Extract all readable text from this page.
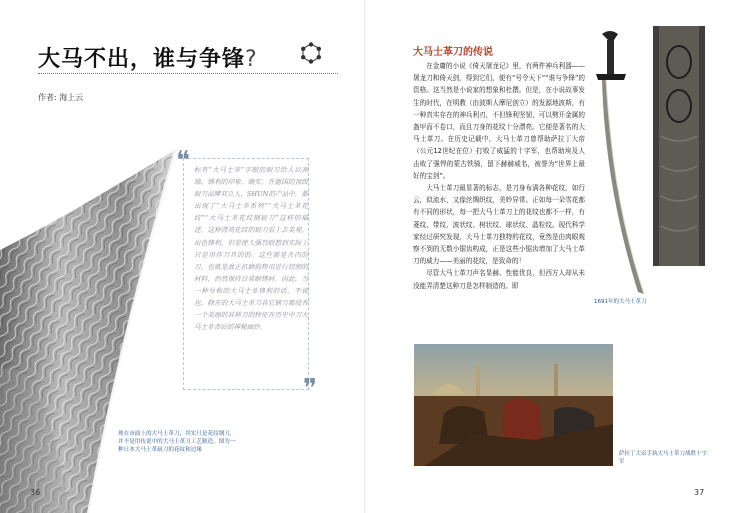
大马不出，谁与争锋?
作者: 海上云
❝ 标有“大马士革”字眼的厨刀给人以高端、锋利的印象。确实，在德国的顶级厨刀品牌双立人，SHUN的产品中，都出现了“大马士革系列”“大马士革花纹”“大马士革花纹钢厨刀”这样的描述。这种漂亮花纹的厨刀看上去美观、出色锋利，但是使人强烈联想到实际上只是用作刀具的的。这些都是在内的刀，也就是真正抗磨损物用进行切割的材料，仍然保持日常耐锈材。因此，当一种号称的大马士革锋利的话，不说也，除在的大马士革刀其它钢刀都没有一个美丽的其种刀的特征在历史中刀大马士革背后的神秘面纱。
❞
现在市面上的大马士革刀，其实只是花纹钢刀，并不是用传说中的大马士革刀工艺制造，图为一种日本大马士革厨刀的花纹和边缘
36
大马士革刀的传说

在金庸的小说《倚天屠龙记》里，有两件神兵利器——屠龙刀和倚天剑，得到它们，便有“号令天下”“谁与争锋”的资格。这当然是小说家的想象和杜撰。但是，在小说故事发生的时代，在明教（由波斯人摩尼创立）的发源地波斯，有一种真实存在的神兵利刃，不但锋利坚韧，可以劈开金属的盔甲而不卷口，而且刀身的花纹十分漂亮。它便是著名的大马士革刀。在历史记载中，大马士革刀曾帮助萨拉丁大帝（公元12世纪在位）打败了威猛的十字军，也帮助埃及人击败了强悍的蒙古铁骑，留下赫赫威名，被誉为“世界上最好的宝剑”。

大马士革刀最显著的标志，是刀身布满各种花纹，如行云，似流水，又像丝绸织纹，美妙异常。正如每一朵雪花都有不同的形状，每一把大马士革刀上的花纹也都不一样，有菱纹、带纹、波状纹、树状纹、球状纹、晶粒纹。现代科学家经过研究发现，大马士革刀独特的花纹，竟然是由肉眼观察不到的无数小锯齿构成，正是这些小锯齿增加了大马士革刀的威力——美丽的花纹，是致命的！

尽管大马士革刀声名显赫、性能优良，但西方人却从未没能弄清楚这种刀是怎样制造的。即

1691年的大马士革刀
萨拉丁大帝手执大马士革刀战胜十字军
37
